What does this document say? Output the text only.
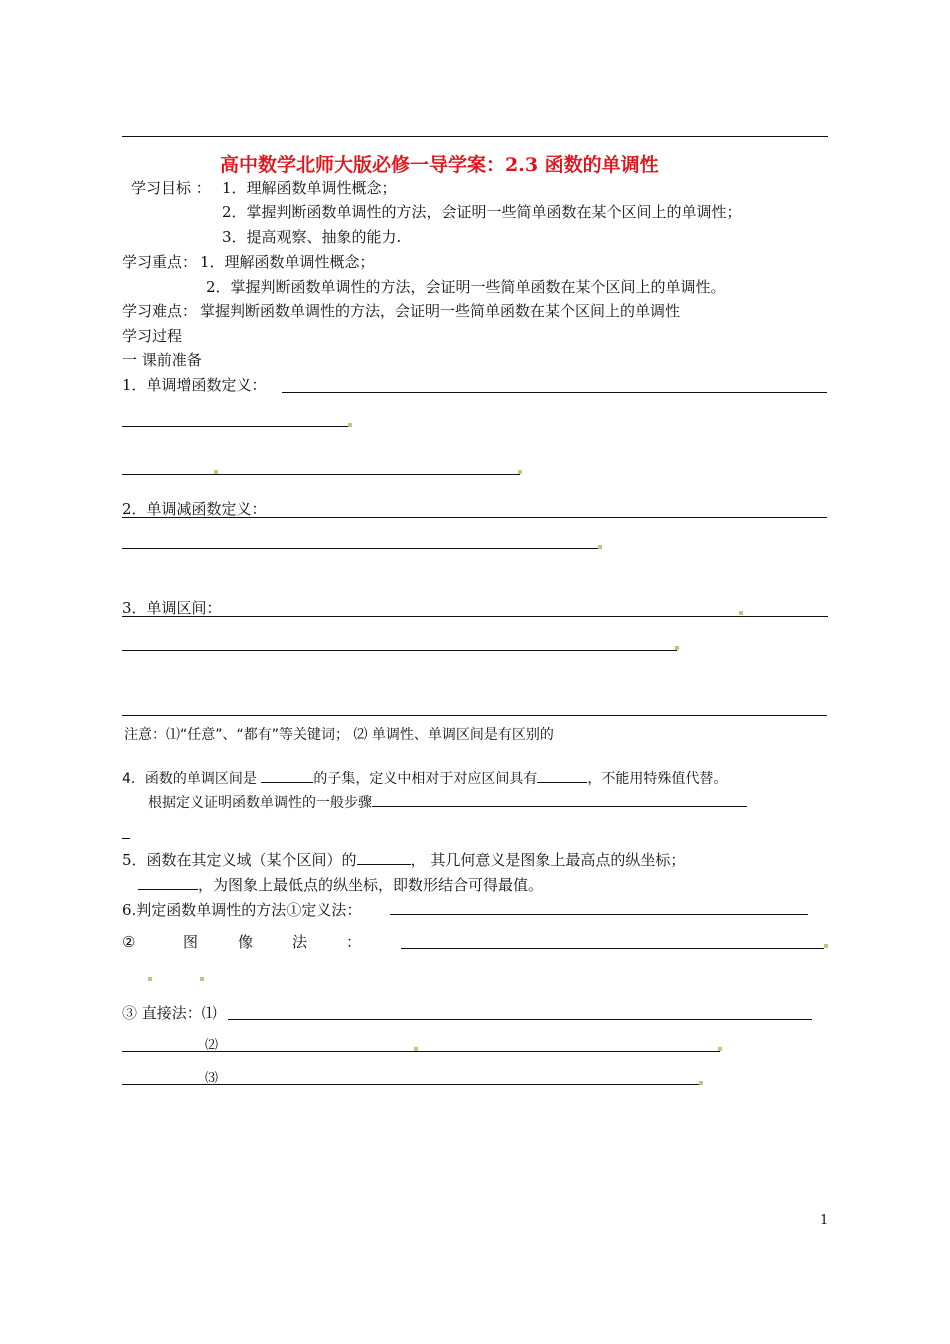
高中数学北师大版必修一导学案：2.3 函数的单调性
学习目标 ： 1．理解函数单调性概念；
2．掌握判断函数单调性的方法，会证明一些简单函数在某个区间上的单调性；
3．提高观察、抽象的能力.
学习重点： 1．理解函数单调性概念；
2．掌握判断函数单调性的方法，会证明一些简单函数在某个区间上的单调性。
学习难点： 掌握判断函数单调性的方法，会证明一些简单函数在某个区间上的单调性
学习过程
一 课前准备
1．单调增函数定义：
2．单调减函数定义：
3．单调区间：
注意：⑴“任意”、“都有”等关键词； ⑵ 单调性、单调区间是有区别的
4．函数的单调区间是	的子集，定义中相对于对应区间具有	，不能用特殊值代替。
根据定义证明函数单调性的一般步骤
5．函数在其定义域（某个区间）的	， 其几何意义是图象上最高点的纵坐标；
，为图象上最低点的纵坐标，即数形结合可得最值。
6.判定函数单调性的方法①定义法：
②	图	像	法	：
③ 直接法：⑴
⑵
⑶
1
